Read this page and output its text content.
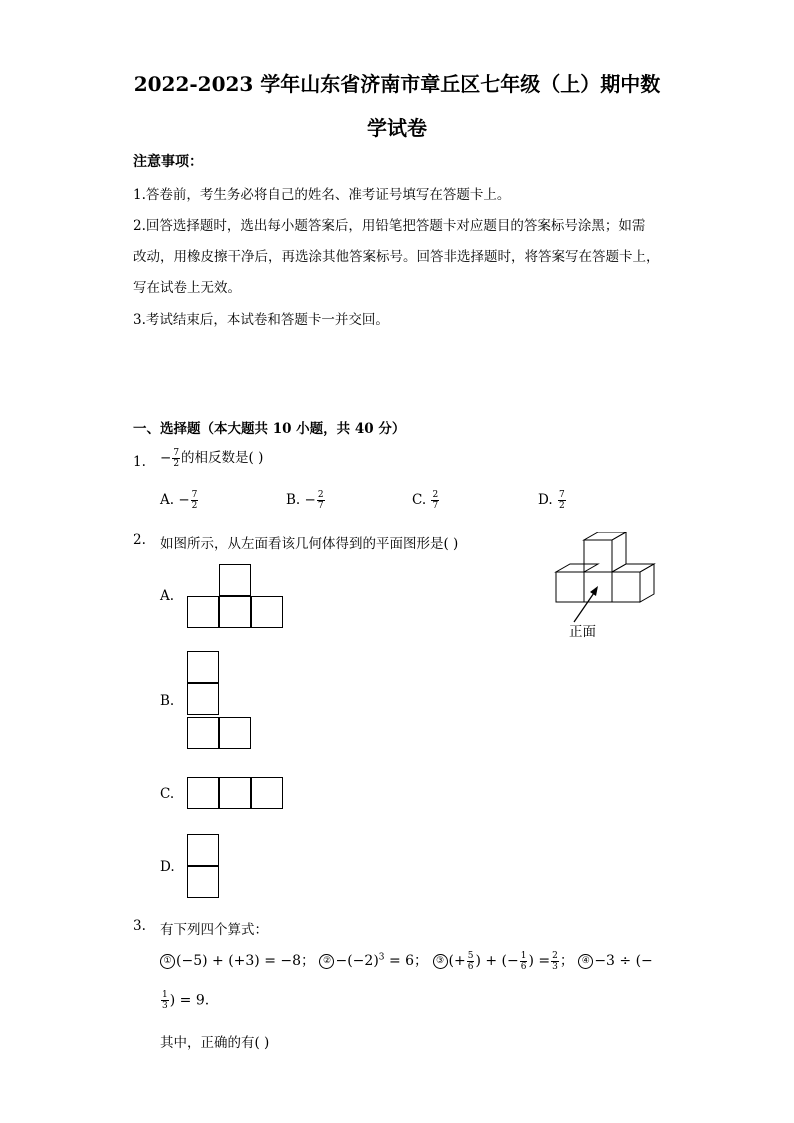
2022-2023 学年山东省济南市章丘区七年级（上）期中数
学试卷
注意事项：
1.答卷前，考生务必将自己的姓名、准考证号填写在答题卡上。
2.回答选择题时，选出每小题答案后，用铅笔把答题卡对应题目的答案标号涂黑；如需
改动，用橡皮擦干净后，再选涂其他答案标号。回答非选择题时，将答案写在答题卡上，
写在试卷上无效。
3.考试结束后，本试卷和答题卡一并交回。
一、选择题（本大题共 10 小题，共 40 分）
1. − $\frac{7}{2}$ 的相反数是( )
A. − $\frac{7}{2}$	B. − $\frac{2}{7}$	C. $\frac{2}{7}$	D. $\frac{7}{2}$
2. 如图所示，从左面看该几何体得到的平面图形是( )
正面
A.
B.
C.
D.
3. 有下列四个算式：
① (−5) + (+3) = −8； ② $-(-2)^3 = 6$； ③ (+ $\frac{5}{6}$ ) + (− $\frac{1}{6}$ ) = $\frac{2}{3}$ ； ④ −3 ÷ (−
$\frac{1}{3}$ ) = 9.
其中，正确的有( )
